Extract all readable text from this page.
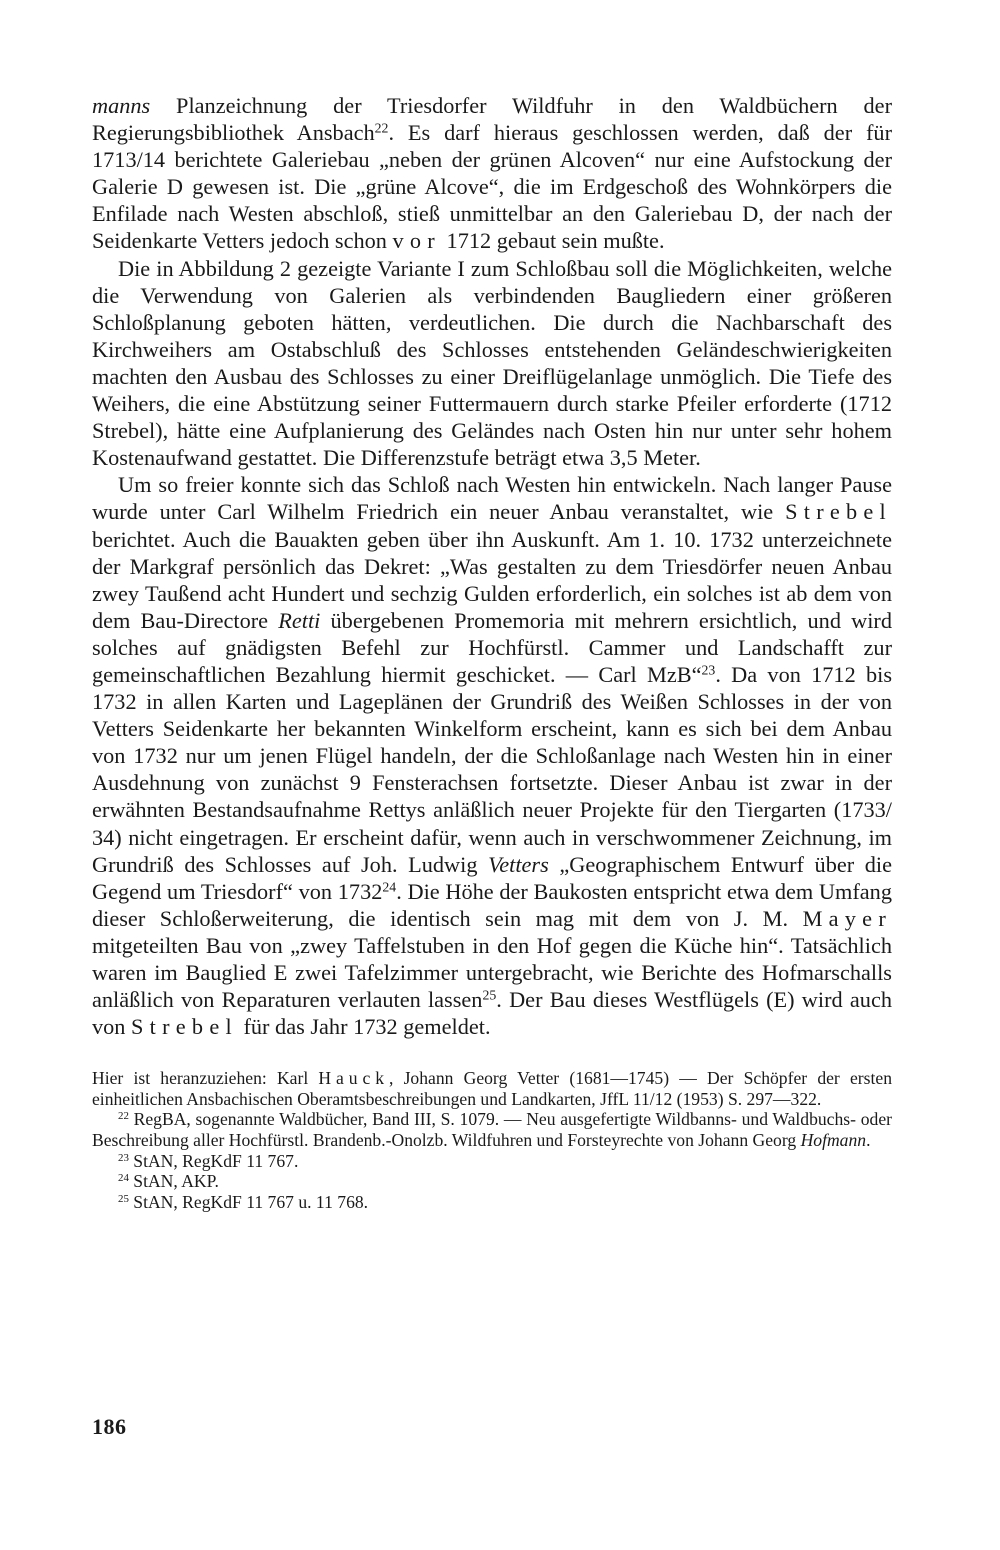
manns Planzeichnung der Triesdorfer Wildfuhr in den Waldbüchern der Regierungsbibliothek Ansbach$^{22}$. Es darf hieraus geschlossen werden, daß der für 1713/14 berichtete Galeriebau „neben der grünen Alcoven“ nur eine Aufstockung der Galerie D gewesen ist. Die „grüne Alcove“, die im Erdgeschoß des Wohnkörpers die Enfilade nach Westen abschloß, stieß unmittelbar an den Galeriebau D, der nach der Seidenkarte Vetters jedoch schon vor 1712 gebaut sein mußte.

Die in Abbildung 2 gezeigte Variante I zum Schloßbau soll die Möglichkeiten, welche die Verwendung von Galerien als verbindenden Baugliedern einer größeren Schloßplanung geboten hätten, verdeutlichen. Die durch die Nachbarschaft des Kirchweihers am Ostabschluß des Schlosses entstehenden Geländeschwierigkeiten machten den Ausbau des Schlosses zu einer Dreiflügelanlage unmöglich. Die Tiefe des Weihers, die eine Abstützung seiner Futtermauern durch starke Pfeiler erforderte (1712 Strebel), hätte eine Aufplanierung des Geländes nach Osten hin nur unter sehr hohem Kostenaufwand gestattet. Die Differenzstufe beträgt etwa 3,5 Meter.

Um so freier konnte sich das Schloß nach Westen hin entwickeln. Nach langer Pause wurde unter Carl Wilhelm Friedrich ein neuer Anbau veranstaltet, wie Strebel berichtet. Auch die Bauakten geben über ihn Auskunft. Am 1. 10. 1732 unterzeichnete der Markgraf persönlich das Dekret: „Was gestalten zu dem Triesdörfer neuen Anbau zwey Taußend acht Hundert und sechzig Gulden erforderlich, ein solches ist ab dem von dem Bau-Directore Retti übergebenen Promemoria mit mehrern ersichtlich, und wird solches auf gnädigsten Befehl zur Hochfürstl. Cammer und Landschafft zur gemeinschaftlichen Bezahlung hiermit geschicket. — Carl MzB“$^{23}$. Da von 1712 bis 1732 in allen Karten und Lageplänen der Grundriß des Weißen Schlosses in der von Vetters Seidenkarte her bekannten Winkelform erscheint, kann es sich bei dem Anbau von 1732 nur um jenen Flügel handeln, der die Schloßanlage nach Westen hin in einer Ausdehnung von zunächst 9 Fensterachsen fortsetzte. Dieser Anbau ist zwar in der erwähnten Bestandsaufnahme Rettys anläßlich neuer Projekte für den Tiergarten (1733/ 34) nicht eingetragen. Er erscheint dafür, wenn auch in verschwommener Zeichnung, im Grundriß des Schlosses auf Joh. Ludwig Vetters „Geographischem Entwurf über die Gegend um Triesdorf“ von 1732$^{24}$. Die Höhe der Baukosten entspricht etwa dem Umfang dieser Schloßerweiterung, die identisch sein mag mit dem von J. M. Mayer mitgeteilten Bau von „zwey Taffelstuben in den Hof gegen die Küche hin“. Tatsächlich waren im Bauglied E zwei Tafelzimmer untergebracht, wie Berichte des Hofmarschalls anläßlich von Reparaturen verlauten lassen$^{25}$. Der Bau dieses Westflügels (E) wird auch von Strebel für das Jahr 1732 gemeldet.

Hier ist heranzuziehen: Karl Hauck, Johann Georg Vetter (1681—1745) — Der Schöpfer der ersten einheitlichen Ansbachischen Oberamtsbeschreibungen und Landkarten, JffL 11/12 (1953) S. 297—322.

$^{22}$ RegBA, sogenannte Waldbücher, Band III, S. 1079. — Neu ausgefertigte Wildbanns- und Waldbuchs- oder Beschreibung aller Hochfürstl. Brandenb.-Onolzb. Wildfuhren und Forsteyrechte von Johann Georg Hofmann.

$^{23}$ StAN, RegKdF 11 767.

$^{24}$ StAN, AKP.

$^{25}$ StAN, RegKdF 11 767 u. 11 768.

186
